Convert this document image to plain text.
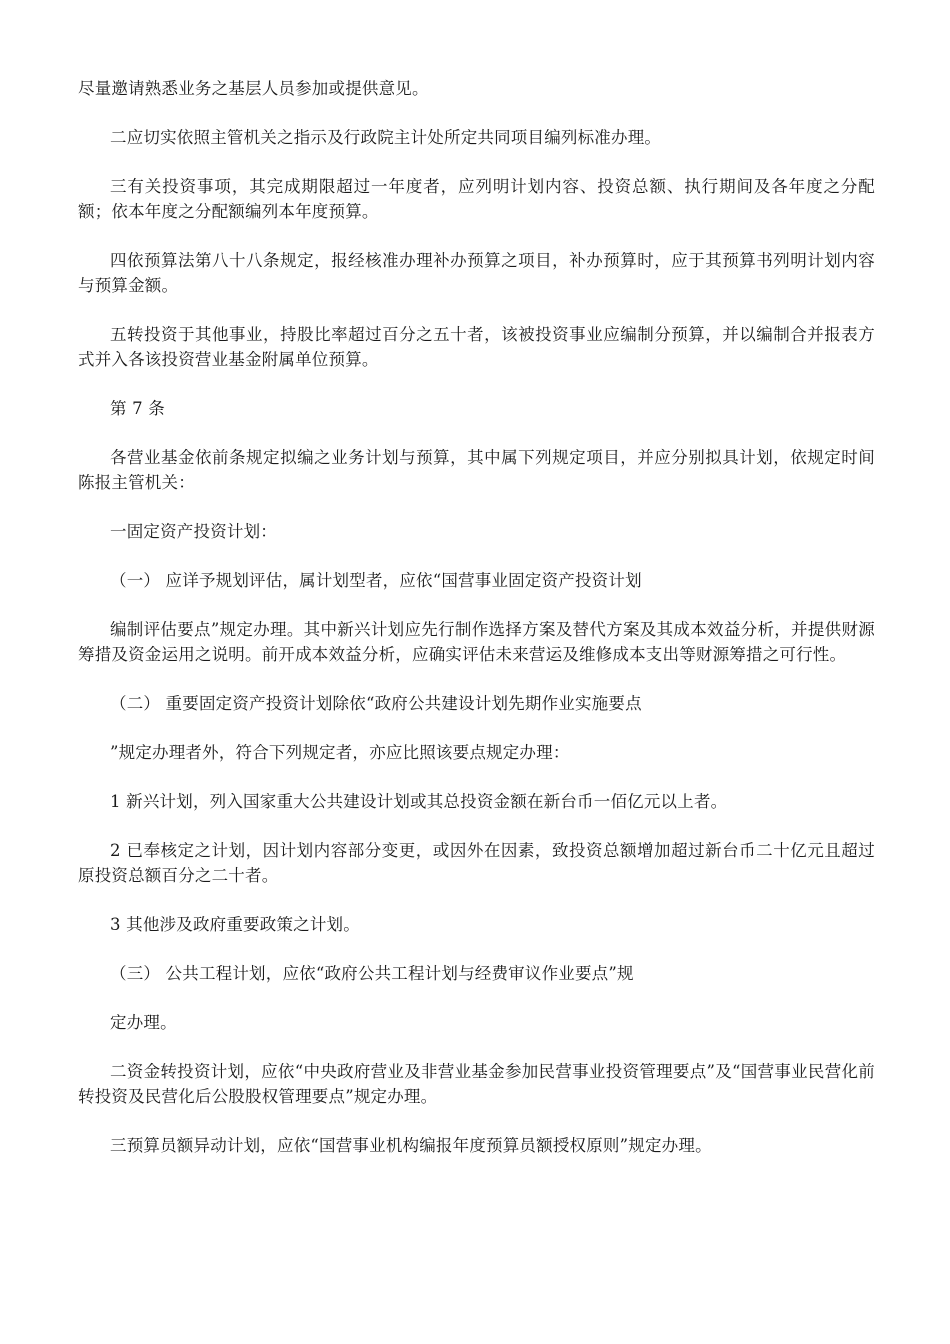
尽量邀请熟悉业务之基层人员参加或提供意见。

二应切实依照主管机关之指示及行政院主计处所定共同项目编列标准办理。

三有关投资事项，其完成期限超过一年度者，应列明计划内容、投资总额、执行期间及各年度之分配额；依本年度之分配额编列本年度预算。

四依预算法第八十八条规定，报经核准办理补办预算之项目，补办预算时，应于其预算书列明计划内容与预算金额。

五转投资于其他事业，持股比率超过百分之五十者，该被投资事业应编制分预算，并以编制合并报表方式并入各该投资营业基金附属单位预算。

第 7 条

各营业基金依前条规定拟编之业务计划与预算，其中属下列规定项目，并应分别拟具计划，依规定时间陈报主管机关：

一固定资产投资计划：

（一） 应详予规划评估，属计划型者，应依“国营事业固定资产投资计划

编制评估要点”规定办理。其中新兴计划应先行制作选择方案及替代方案及其成本效益分析，并提供财源筹措及资金运用之说明。前开成本效益分析，应确实评估未来营运及维修成本支出等财源筹措之可行性。

（二） 重要固定资产投资计划除依“政府公共建设计划先期作业实施要点

”规定办理者外，符合下列规定者，亦应比照该要点规定办理：

1 新兴计划，列入国家重大公共建设计划或其总投资金额在新台币一佰亿元以上者。

2 已奉核定之计划，因计划内容部分变更，或因外在因素，致投资总额增加超过新台币二十亿元且超过原投资总额百分之二十者。

3 其他涉及政府重要政策之计划。

（三） 公共工程计划，应依“政府公共工程计划与经费审议作业要点”规

定办理。

二资金转投资计划，应依“中央政府营业及非营业基金参加民营事业投资管理要点”及“国营事业民营化前转投资及民营化后公股股权管理要点”规定办理。

三预算员额异动计划，应依“国营事业机构编报年度预算员额授权原则”规定办理。
